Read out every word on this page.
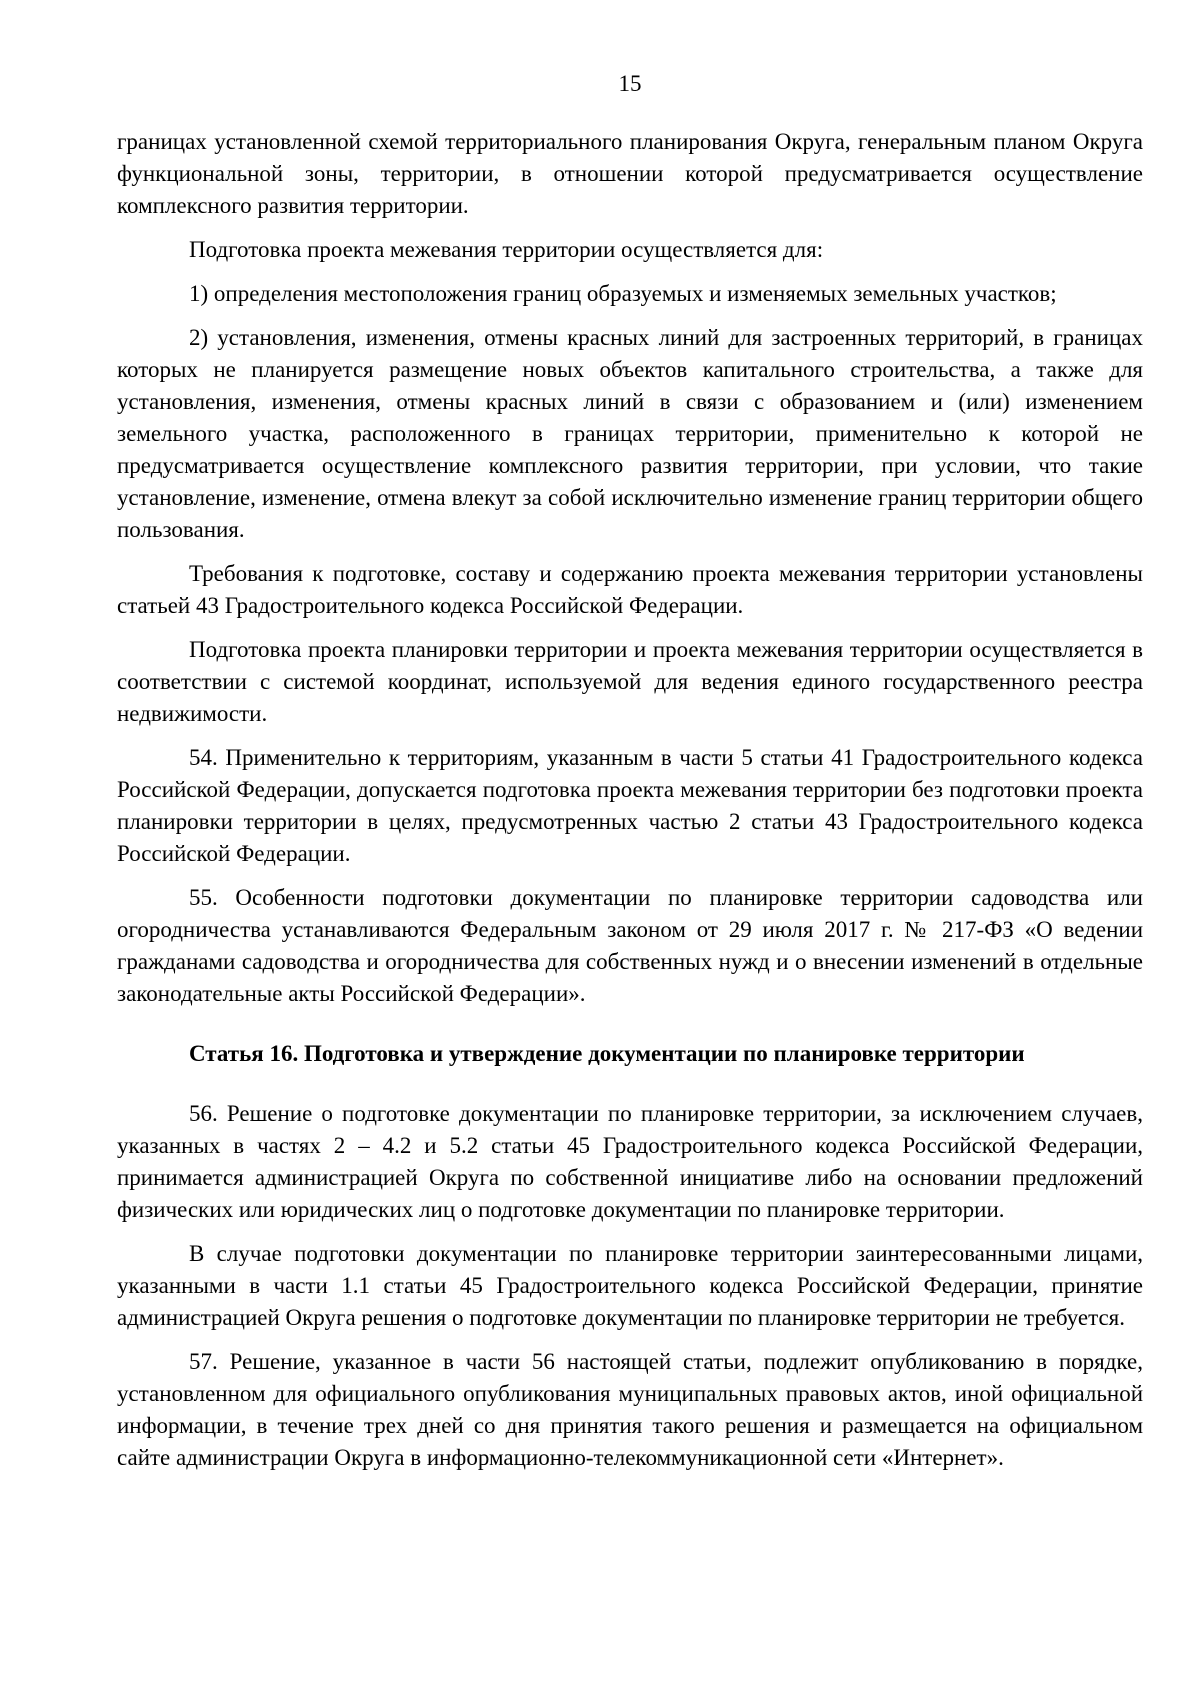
15

границах установленной схемой территориального планирования Округа, генеральным планом Округа функциональной зоны, территории, в отношении которой предусматривается осуществление комплексного развития территории.

Подготовка проекта межевания территории осуществляется для:

1) определения местоположения границ образуемых и изменяемых земельных участков;

2) установления, изменения, отмены красных линий для застроенных территорий, в границах которых не планируется размещение новых объектов капитального строительства, а также для установления, изменения, отмены красных линий в связи с образованием и (или) изменением земельного участка, расположенного в границах территории, применительно к которой не предусматривается осуществление комплексного развития территории, при условии, что такие установление, изменение, отмена влекут за собой исключительно изменение границ территории общего пользования.

Требования к подготовке, составу и содержанию проекта межевания территории установлены статьей 43 Градостроительного кодекса Российской Федерации.

Подготовка проекта планировки территории и проекта межевания территории осуществляется в соответствии с системой координат, используемой для ведения единого государственного реестра недвижимости.

54. Применительно к территориям, указанным в части 5 статьи 41 Градостроительного кодекса Российской Федерации, допускается подготовка проекта межевания территории без подготовки проекта планировки территории в целях, предусмотренных частью 2 статьи 43 Градостроительного кодекса Российской Федерации.

55. Особенности подготовки документации по планировке территории садоводства или огородничества устанавливаются Федеральным законом от 29 июля 2017 г. № 217-ФЗ «О ведении гражданами садоводства и огородничества для собственных нужд и о внесении изменений в отдельные законодательные акты Российской Федерации».

Статья 16. Подготовка и утверждение документации по планировке территории

56. Решение о подготовке документации по планировке территории, за исключением случаев, указанных в частях 2 – 4.2 и 5.2 статьи 45 Градостроительного кодекса Российской Федерации, принимается администрацией Округа по собственной инициативе либо на основании предложений физических или юридических лиц о подготовке документации по планировке территории.

В случае подготовки документации по планировке территории заинтересованными лицами, указанными в части 1.1 статьи 45 Градостроительного кодекса Российской Федерации, принятие администрацией Округа решения о подготовке документации по планировке территории не требуется.

57. Решение, указанное в части 56 настоящей статьи, подлежит опубликованию в порядке, установленном для официального опубликования муниципальных правовых актов, иной официальной информации, в течение трех дней со дня принятия такого решения и размещается на официальном сайте администрации Округа в информационно-телекоммуникационной сети «Интернет».
